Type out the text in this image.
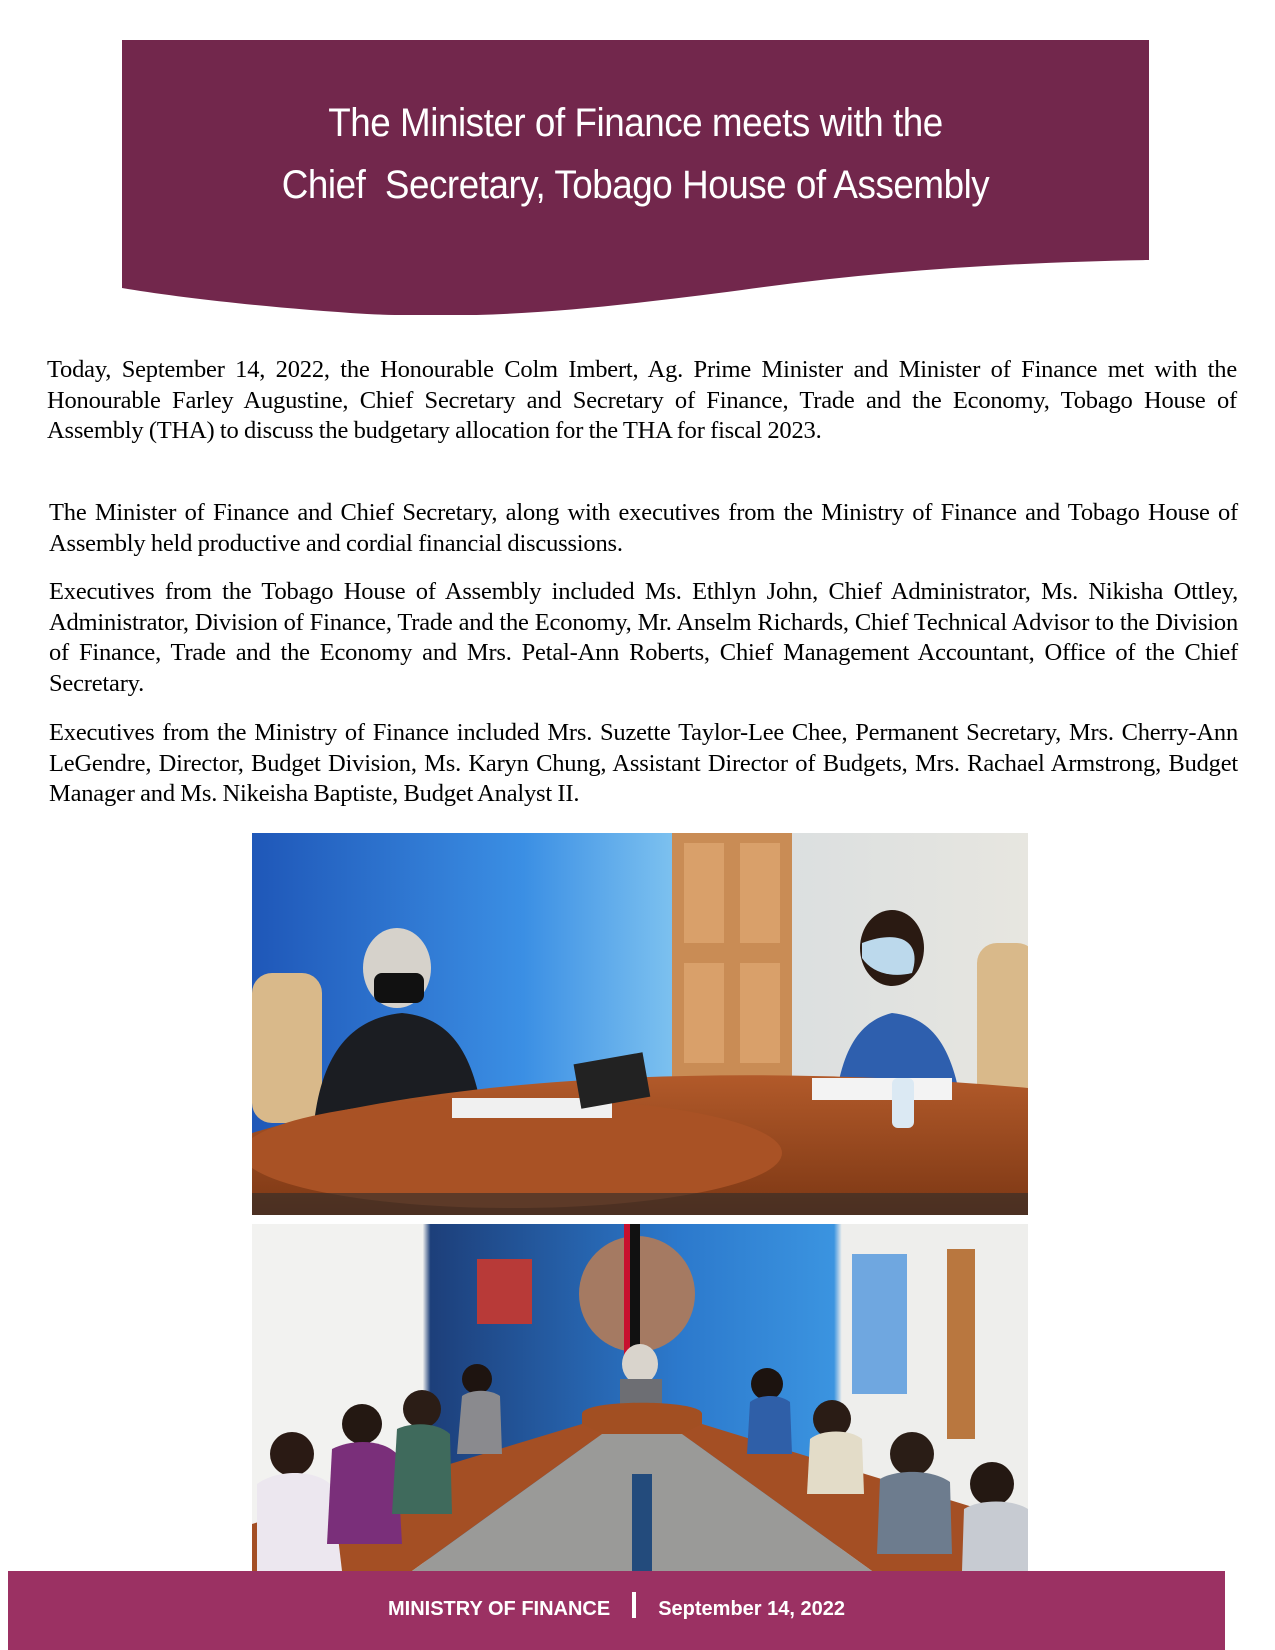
The Minister of Finance meets with the
Chief  Secretary, Tobago House of Assembly

Today, September 14, 2022, the Honourable Colm Imbert, Ag. Prime Minister and Minister of Finance met with the Honourable Farley Augustine, Chief Secretary and Secretary of Finance, Trade and the Economy, Tobago House of Assembly (THA) to discuss the budgetary allocation for the THA for fiscal 2023.

The Minister of Finance and Chief Secretary, along with executives from the Ministry of Finance and Tobago House of Assembly held productive and cordial financial discussions.

Executives from the Tobago House of Assembly included Ms. Ethlyn John, Chief Administrator, Ms. Nikisha Ottley, Administrator, Division of Finance, Trade and the Economy, Mr. Anselm Richards, Chief Technical Advisor to the Division of Finance, Trade and the Economy and Mrs. Petal-Ann Roberts, Chief Management Accountant, Office of the Chief Secretary.

Executives from the Ministry of Finance included Mrs. Suzette Taylor-Lee Chee, Permanent Secretary, Mrs. Cherry-Ann LeGendre, Director, Budget Division, Ms. Karyn Chung, Assistant Director of Budgets, Mrs. Rachael Armstrong, Budget Manager and Ms. Nikeisha Baptiste, Budget Analyst II.

MINISTRY OF FINANCE September 14, 2022
